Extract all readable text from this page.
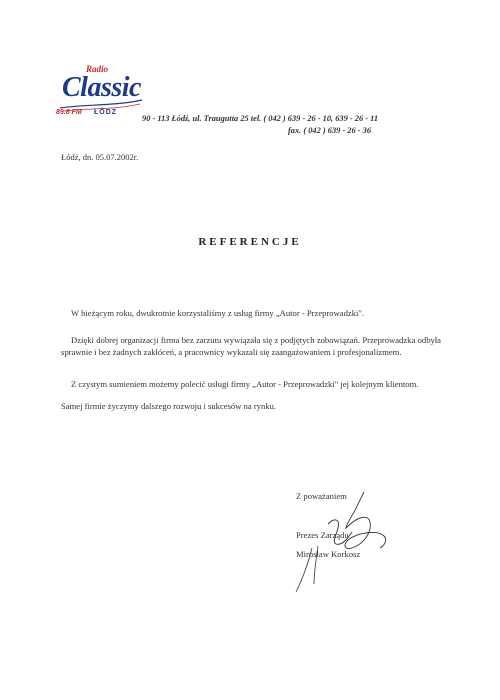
Radio
Classic
89.6 FM ŁÓDZ
90 - 113 Łódź, ul. Traugutta 25 tel. ( 042 ) 639 - 26 - 10, 639 - 26 - 11
fax. ( 042 ) 639 - 26 - 36
Łódź, dn. 05.07.2002r.
REFERENCJE

W bieżącym roku, dwukrotnie korzystaliśmy z usług firmy „Autor - Przeprowadzki".

Dzięki dobrej organizacji firma bez zarzutu wywiązała się z podjętych zobowiązań. Przeprowadzka odbyła sprawnie i bez żadnych zakłóceń, a pracownicy wykazali się zaangażowaniem i profesjonalizmem.

Z czystym sumieniem możemy polecić usługi firmy „Autor - Przeprowadzki" jej kolejnym klientom.

Samej firmie życzymy dalszego rozwoju i sukcesów na rynku.

Z poważaniem
Prezes Zarządu
Mirosław Korkosz
